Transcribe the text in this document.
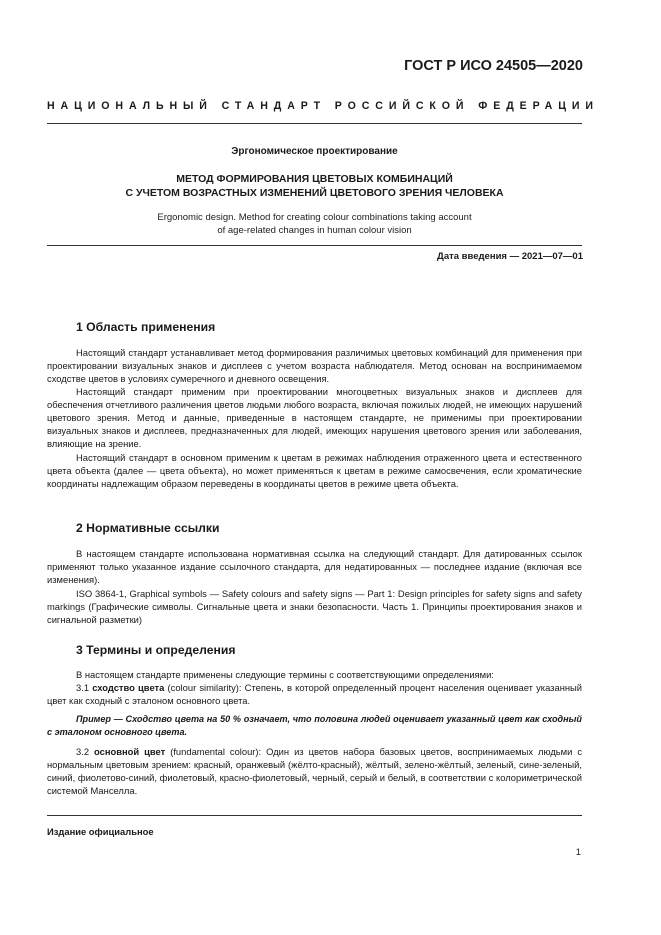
ГОСТ Р ИСО 24505—2020
НАЦИОНАЛЬНЫЙ СТАНДАРТ РОССИЙСКОЙ ФЕДЕРАЦИИ
Эргономическое проектирование
МЕТОД ФОРМИРОВАНИЯ ЦВЕТОВЫХ КОМБИНАЦИЙ
С УЧЕТОМ ВОЗРАСТНЫХ ИЗМЕНЕНИЙ ЦВЕТОВОГО ЗРЕНИЯ ЧЕЛОВЕКА
Ergonomic design. Method for creating colour combinations taking account
of age-related changes in human colour vision
Дата введения — 2021—07—01
1 Область применения
Настоящий стандарт устанавливает метод формирования различимых цветовых комбинаций для применения при проектировании визуальных знаков и дисплеев с учетом возраста наблюдателя. Метод основан на воспринимаемом сходстве цветов в условиях сумеречного и дневного освещения.
Настоящий стандарт применим при проектировании многоцветных визуальных знаков и дисплеев для обеспечения отчетливого различения цветов людьми любого возраста, включая пожилых людей, не имеющих нарушений цветового зрения. Метод и данные, приведенные в настоящем стандарте, не применимы при проектировании визуальных знаков и дисплеев, предназначенных для людей, имеющих нарушения цветового зрения или заболевания, влияющие на зрение.
Настоящий стандарт в основном применим к цветам в режимах наблюдения отраженного цвета и естественного цвета объекта (далее — цвета объекта), но может применяться к цветам в режиме самосвечения, если хроматические координаты надлежащим образом переведены в координаты цветов в режиме цвета объекта.
2 Нормативные ссылки
В настоящем стандарте использована нормативная ссылка на следующий стандарт. Для датированных ссылок применяют только указанное издание ссылочного стандарта, для недатированных — последнее издание (включая все изменения).
ISO 3864-1, Graphical symbols — Safety colours and safety signs — Part 1: Design principles for safety signs and safety markings (Графические символы. Сигнальные цвета и знаки безопасности. Часть 1. Принципы проектирования знаков и сигнальной разметки)
3 Термины и определения
В настоящем стандарте применены следующие термины с соответствующими определениями:
3.1 сходство цвета (colour similarity): Степень, в которой определенный процент населения оценивает указанный цвет как сходный с эталоном основного цвета.
Пример — Сходство цвета на 50 % означает, что половина людей оценивает указанный цвет как сходный с эталоном основного цвета.
3.2 основной цвет (fundamental colour): Один из цветов набора базовых цветов, воспринимаемых людьми с нормальным цветовым зрением: красный, оранжевый (жёлто-красный), жёлтый, зелено-жёлтый, зеленый, сине-зеленый, синий, фиолетово-синий, фиолетовый, красно-фиолетовый, черный, серый и белый, в соответствии с колориметрической системой Манселла.
Издание официальное
1
